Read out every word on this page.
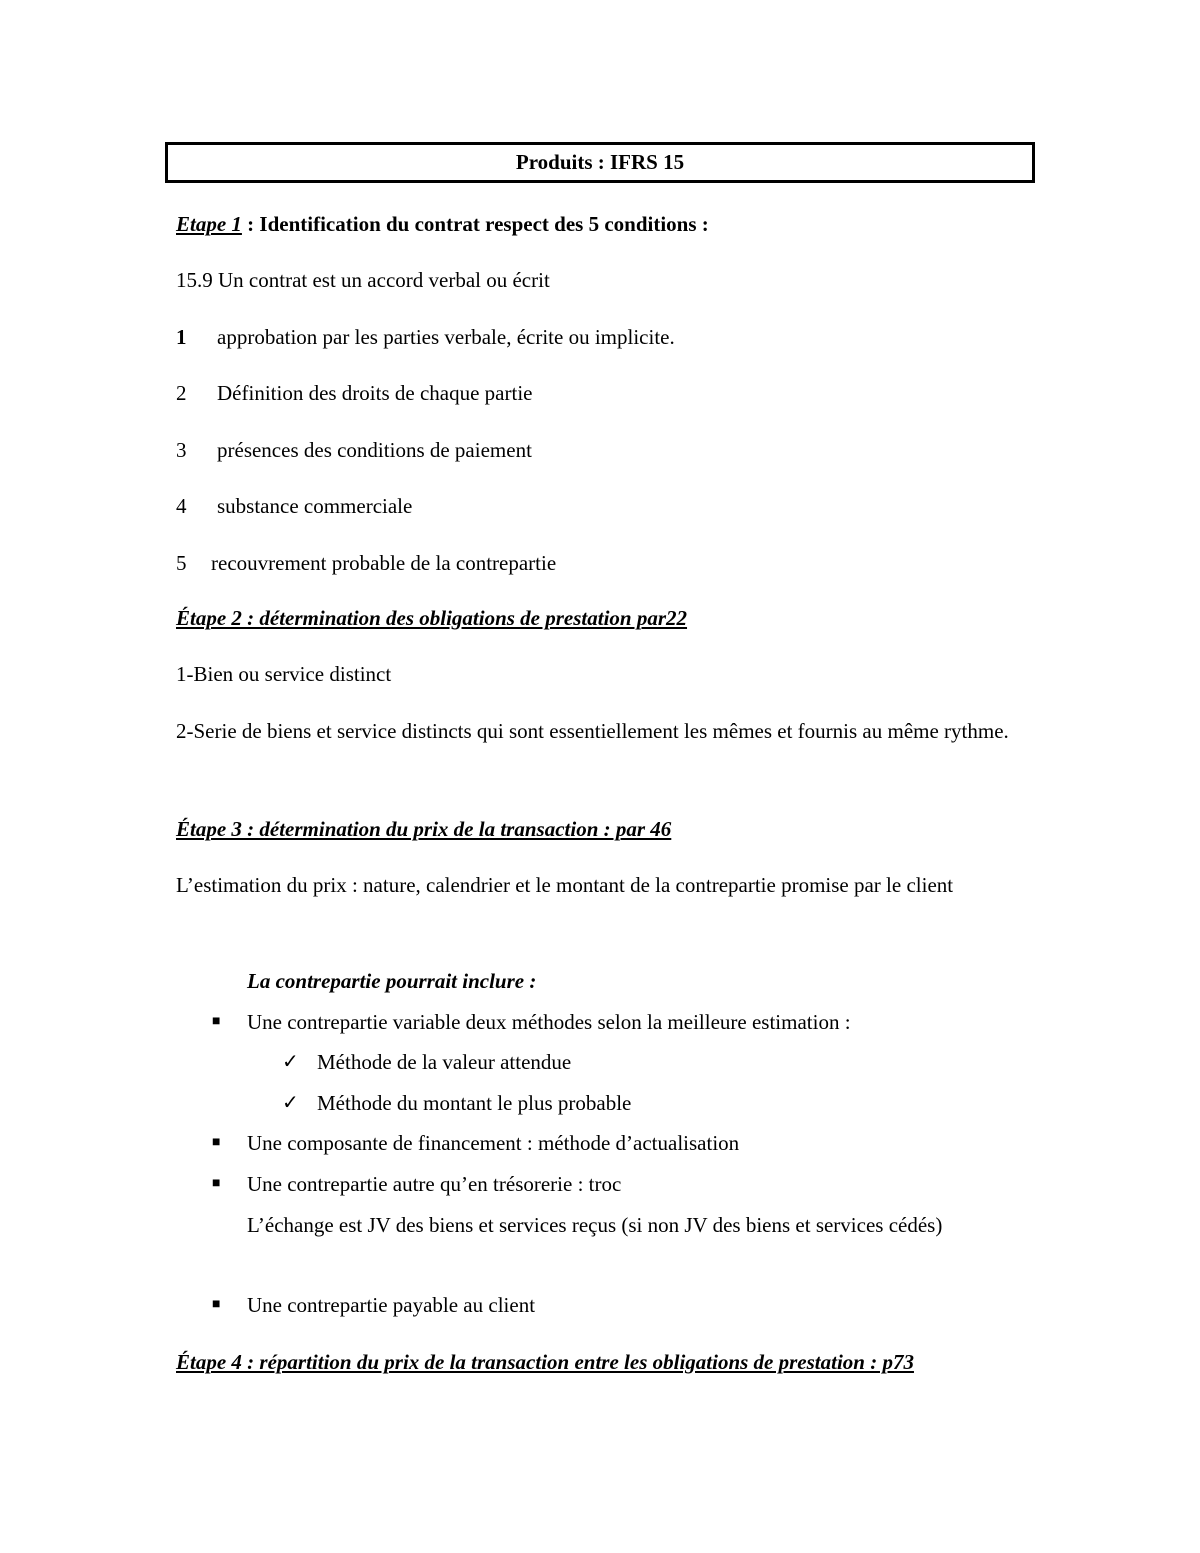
Produits : IFRS 15
Etape 1 : Identification du contrat respect des 5 conditions :
15.9 Un contrat est un accord verbal ou écrit
1 approbation par les parties verbale, écrite ou implicite.
2 Définition des droits de chaque partie
3 présences des conditions de paiement
4 substance commerciale
5 recouvrement probable de la contrepartie
Étape 2 : détermination des obligations de prestation par22
1-Bien ou service distinct
2-Serie de biens et service distincts qui sont essentiellement les mêmes et fournis au même rythme.
Étape 3 : détermination du prix de la transaction : par 46
L’estimation du prix : nature, calendrier et le montant de la contrepartie promise par le client
La contrepartie pourrait inclure :
■ Une contrepartie variable deux méthodes selon la meilleure estimation :
✓ Méthode de la valeur attendue
✓ Méthode du montant le plus probable
■ Une composante de financement : méthode d’actualisation
■ Une contrepartie autre qu’en trésorerie : troc
L’échange est JV des biens et services reçus (si non JV des biens et services cédés)
■ Une contrepartie payable au client
Étape 4 : répartition du prix de la transaction entre les obligations de prestation : p73
